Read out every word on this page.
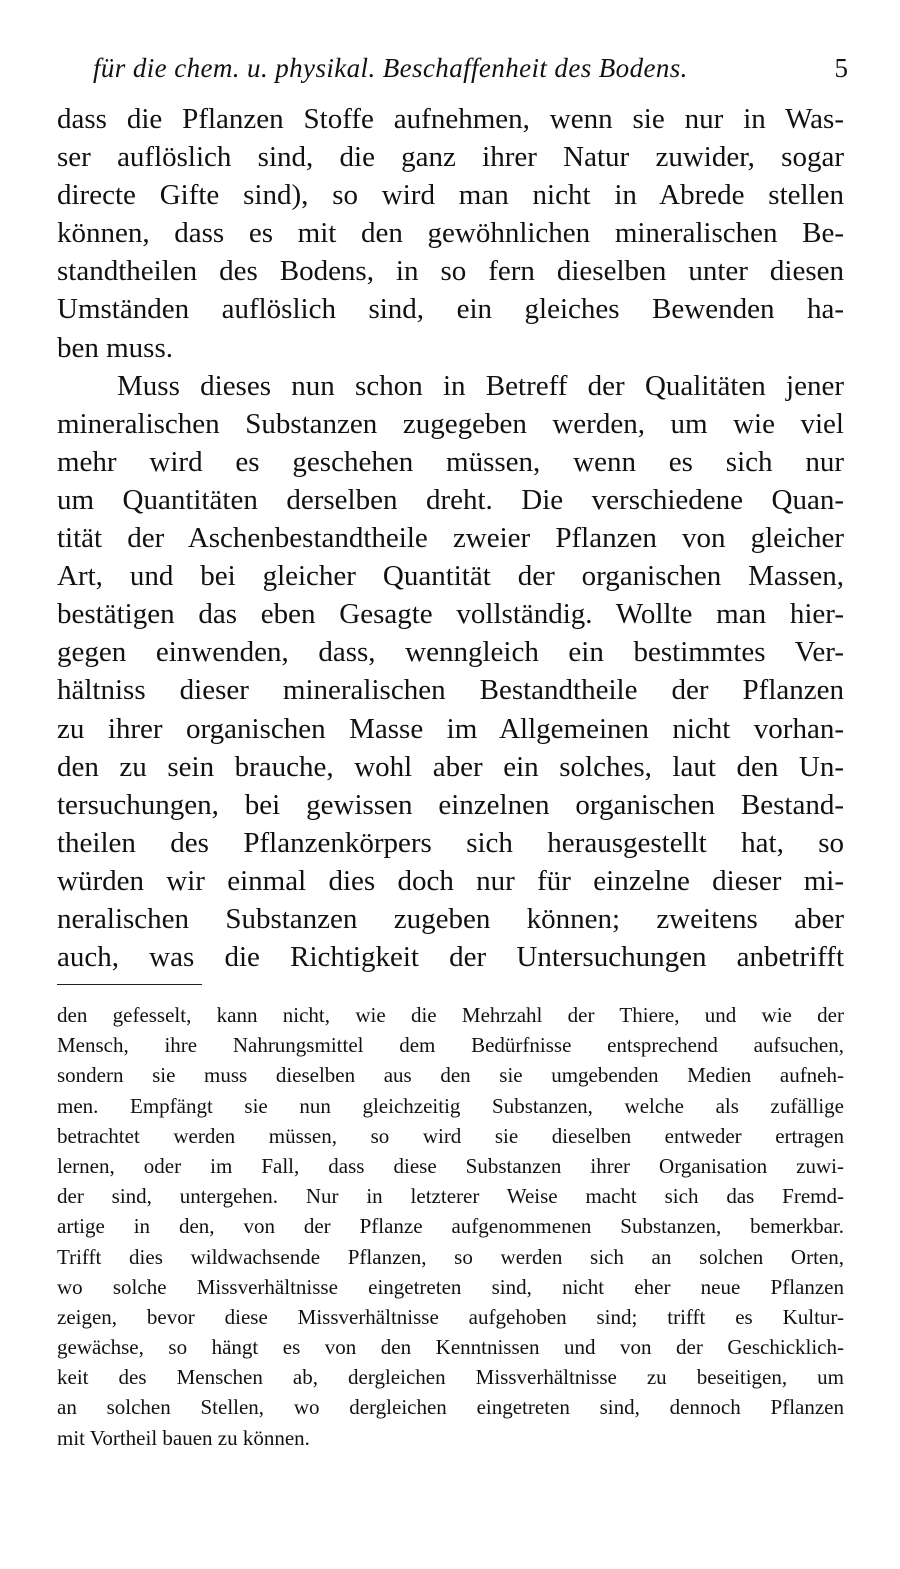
für die chem. u. physikal. Beschaffenheit des Bodens.	5
dass die Pflanzen Stoffe aufnehmen, wenn sie nur in Was-
ser auflöslich sind, die ganz ihrer Natur zuwider, sogar
directe Gifte sind), so wird man nicht in Abrede stellen
können, dass es mit den gewöhnlichen mineralischen Be-
standtheilen des Bodens, in so fern dieselben unter diesen
Umständen auflöslich sind, ein gleiches Bewenden ha-
ben muss.
Muss dieses nun schon in Betreff der Qualitäten jener
mineralischen Substanzen zugegeben werden, um wie viel
mehr wird es geschehen müssen, wenn es sich nur
um Quantitäten derselben dreht. Die verschiedene Quan-
tität der Aschenbestandtheile zweier Pflanzen von gleicher
Art, und bei gleicher Quantität der organischen Massen,
bestätigen das eben Gesagte vollständig. Wollte man hier-
gegen einwenden, dass, wenngleich ein bestimmtes Ver-
hältniss dieser mineralischen Bestandtheile der Pflanzen
zu ihrer organischen Masse im Allgemeinen nicht vorhan-
den zu sein brauche, wohl aber ein solches, laut den Un-
tersuchungen, bei gewissen einzelnen organischen Bestand-
theilen des Pflanzenkörpers sich herausgestellt hat, so
würden wir einmal dies doch nur für einzelne dieser mi-
neralischen Substanzen zugeben können; zweitens aber
auch, was die Richtigkeit der Untersuchungen anbetrifft
den gefesselt, kann nicht, wie die Mehrzahl der Thiere, und wie der
Mensch, ihre Nahrungsmittel dem Bedürfnisse entsprechend aufsuchen,
sondern sie muss dieselben aus den sie umgebenden Medien aufneh-
men. Empfängt sie nun gleichzeitig Substanzen, welche als zufällige
betrachtet werden müssen, so wird sie dieselben entweder ertragen
lernen, oder im Fall, dass diese Substanzen ihrer Organisation zuwi-
der sind, untergehen. Nur in letzterer Weise macht sich das Fremd-
artige in den, von der Pflanze aufgenommenen Substanzen, bemerkbar.
Trifft dies wildwachsende Pflanzen, so werden sich an solchen Orten,
wo solche Missverhältnisse eingetreten sind, nicht eher neue Pflanzen
zeigen, bevor diese Missverhältnisse aufgehoben sind; trifft es Kultur-
gewächse, so hängt es von den Kenntnissen und von der Geschicklich-
keit des Menschen ab, dergleichen Missverhältnisse zu beseitigen, um
an solchen Stellen, wo dergleichen eingetreten sind, dennoch Pflanzen
mit Vortheil bauen zu können.
